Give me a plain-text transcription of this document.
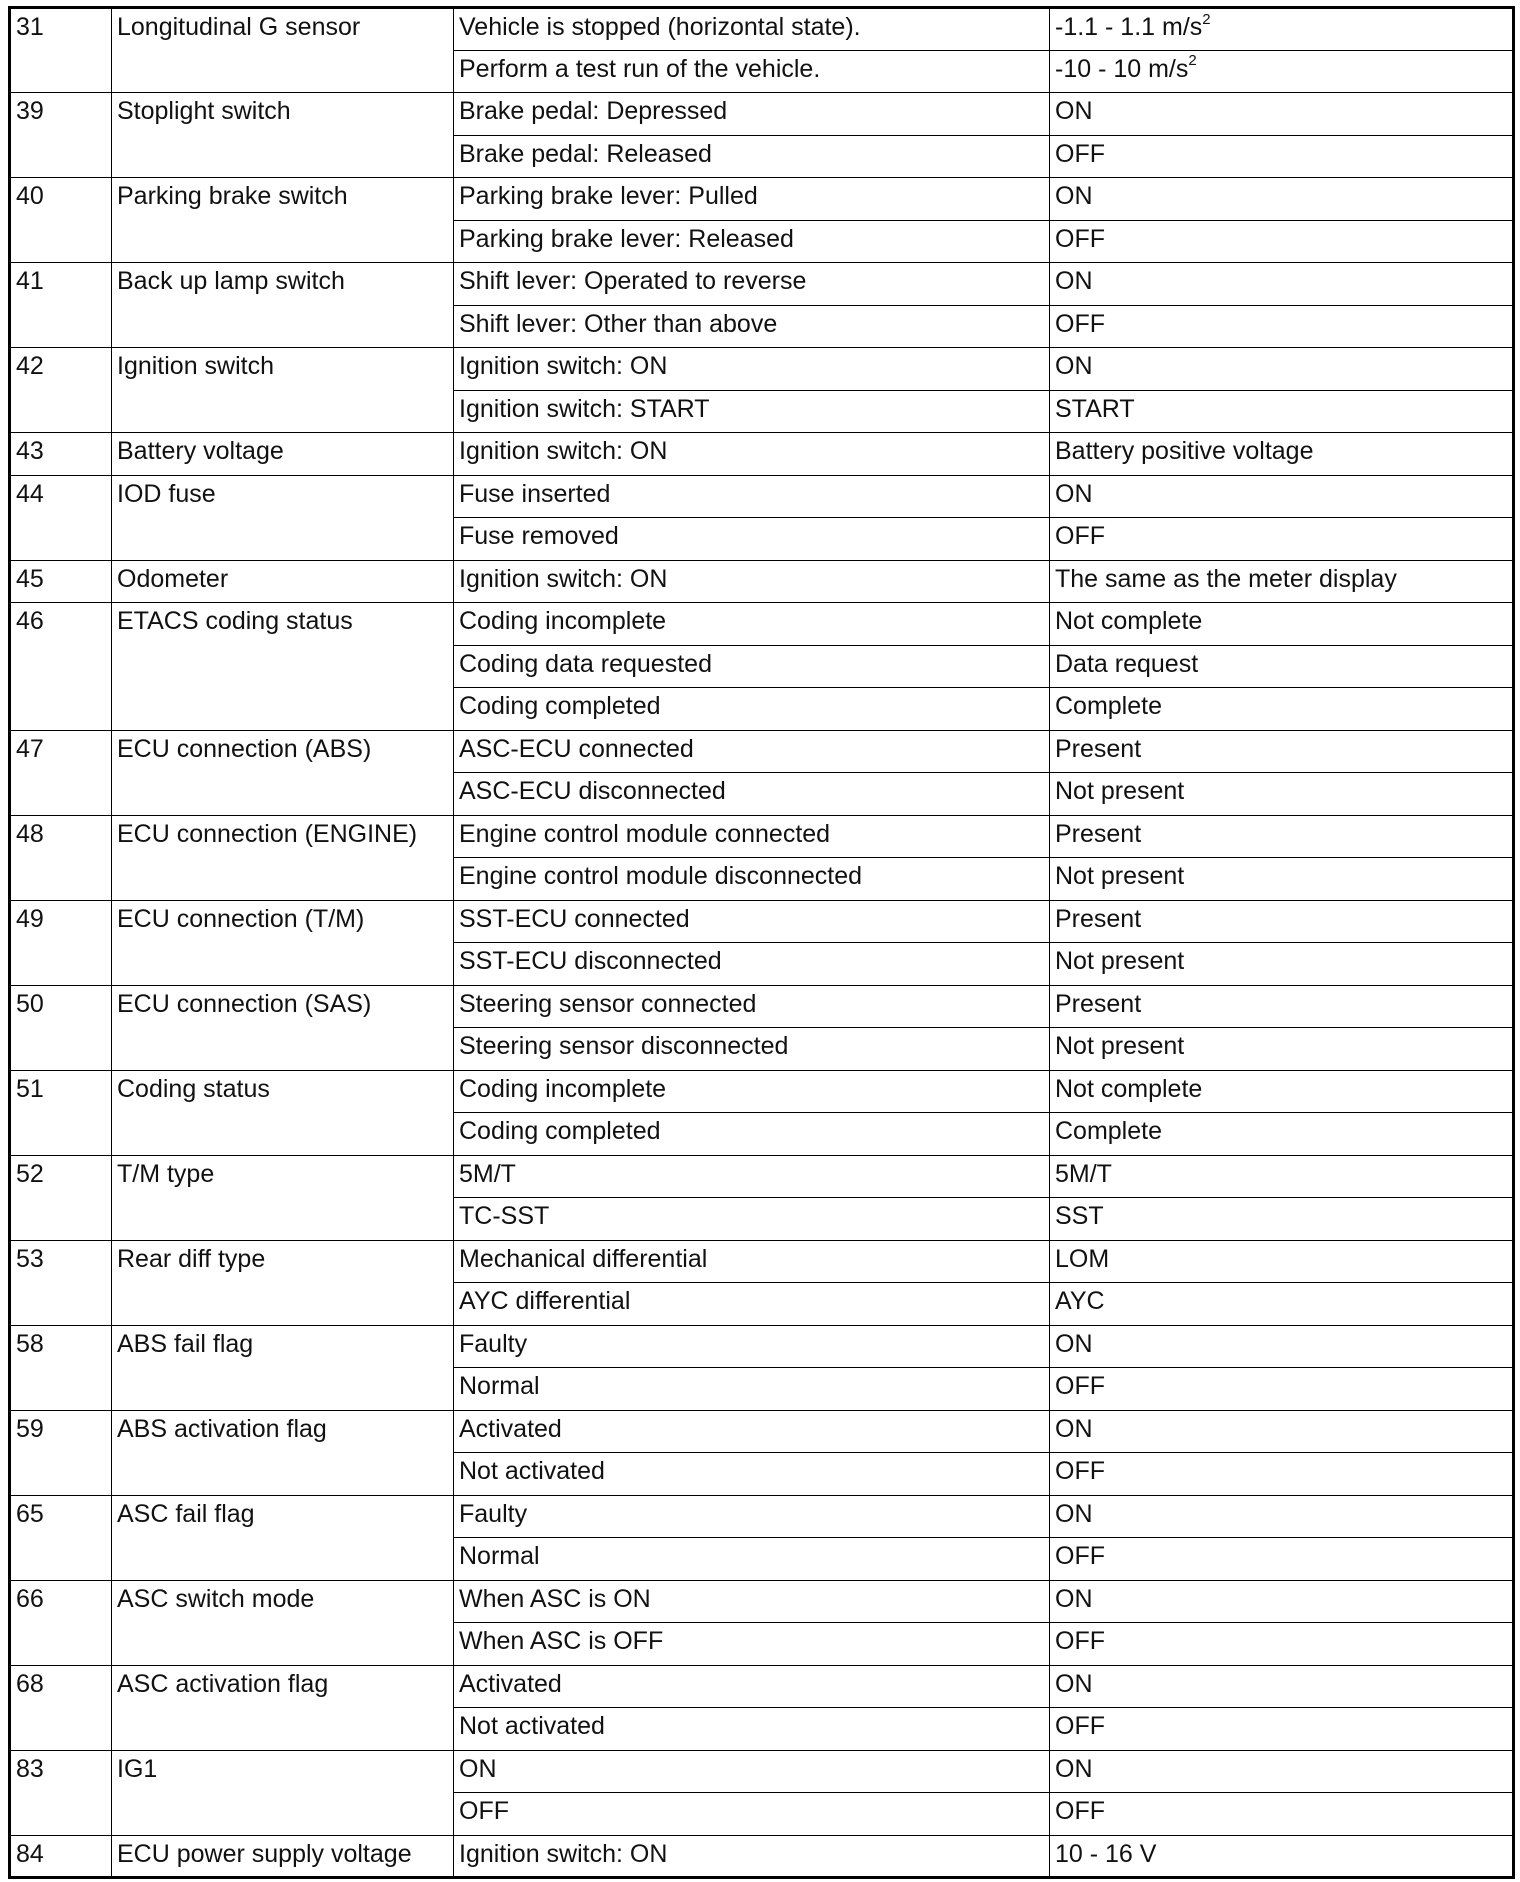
31	Longitudinal G sensor	Vehicle is stopped (horizontal state).	-1.1 - 1.1 $m/s^2$
		Perform a test run of the vehicle.	-10 - 10 $m/s^2$
39	Stoplight switch	Brake pedal: Depressed	ON
		Brake pedal: Released	OFF
40	Parking brake switch	Parking brake lever: Pulled	ON
		Parking brake lever: Released	OFF
41	Back up lamp switch	Shift lever: Operated to reverse	ON
		Shift lever: Other than above	OFF
42	Ignition switch	Ignition switch: ON	ON
		Ignition switch: START	START
43	Battery voltage	Ignition switch: ON	Battery positive voltage
44	IOD fuse	Fuse inserted	ON
		Fuse removed	OFF
45	Odometer	Ignition switch: ON	The same as the meter display
46	ETACS coding status	Coding incomplete	Not complete
		Coding data requested	Data request
		Coding completed	Complete
47	ECU connection (ABS)	ASC-ECU connected	Present
		ASC-ECU disconnected	Not present
48	ECU connection (ENGINE)	Engine control module connected	Present
		Engine control module disconnected	Not present
49	ECU connection (T/M)	SST-ECU connected	Present
		SST-ECU disconnected	Not present
50	ECU connection (SAS)	Steering sensor connected	Present
		Steering sensor disconnected	Not present
51	Coding status	Coding incomplete	Not complete
		Coding completed	Complete
52	T/M type	5M/T	5M/T
		TC-SST	SST
53	Rear diff type	Mechanical differential	LOM
		AYC differential	AYC
58	ABS fail flag	Faulty	ON
		Normal	OFF
59	ABS activation flag	Activated	ON
		Not activated	OFF
65	ASC fail flag	Faulty	ON
		Normal	OFF
66	ASC switch mode	When ASC is ON	ON
		When ASC is OFF	OFF
68	ASC activation flag	Activated	ON
		Not activated	OFF
83	IG1	ON	ON
		OFF	OFF
84	ECU power supply voltage	Ignition switch: ON	10 - 16 V
